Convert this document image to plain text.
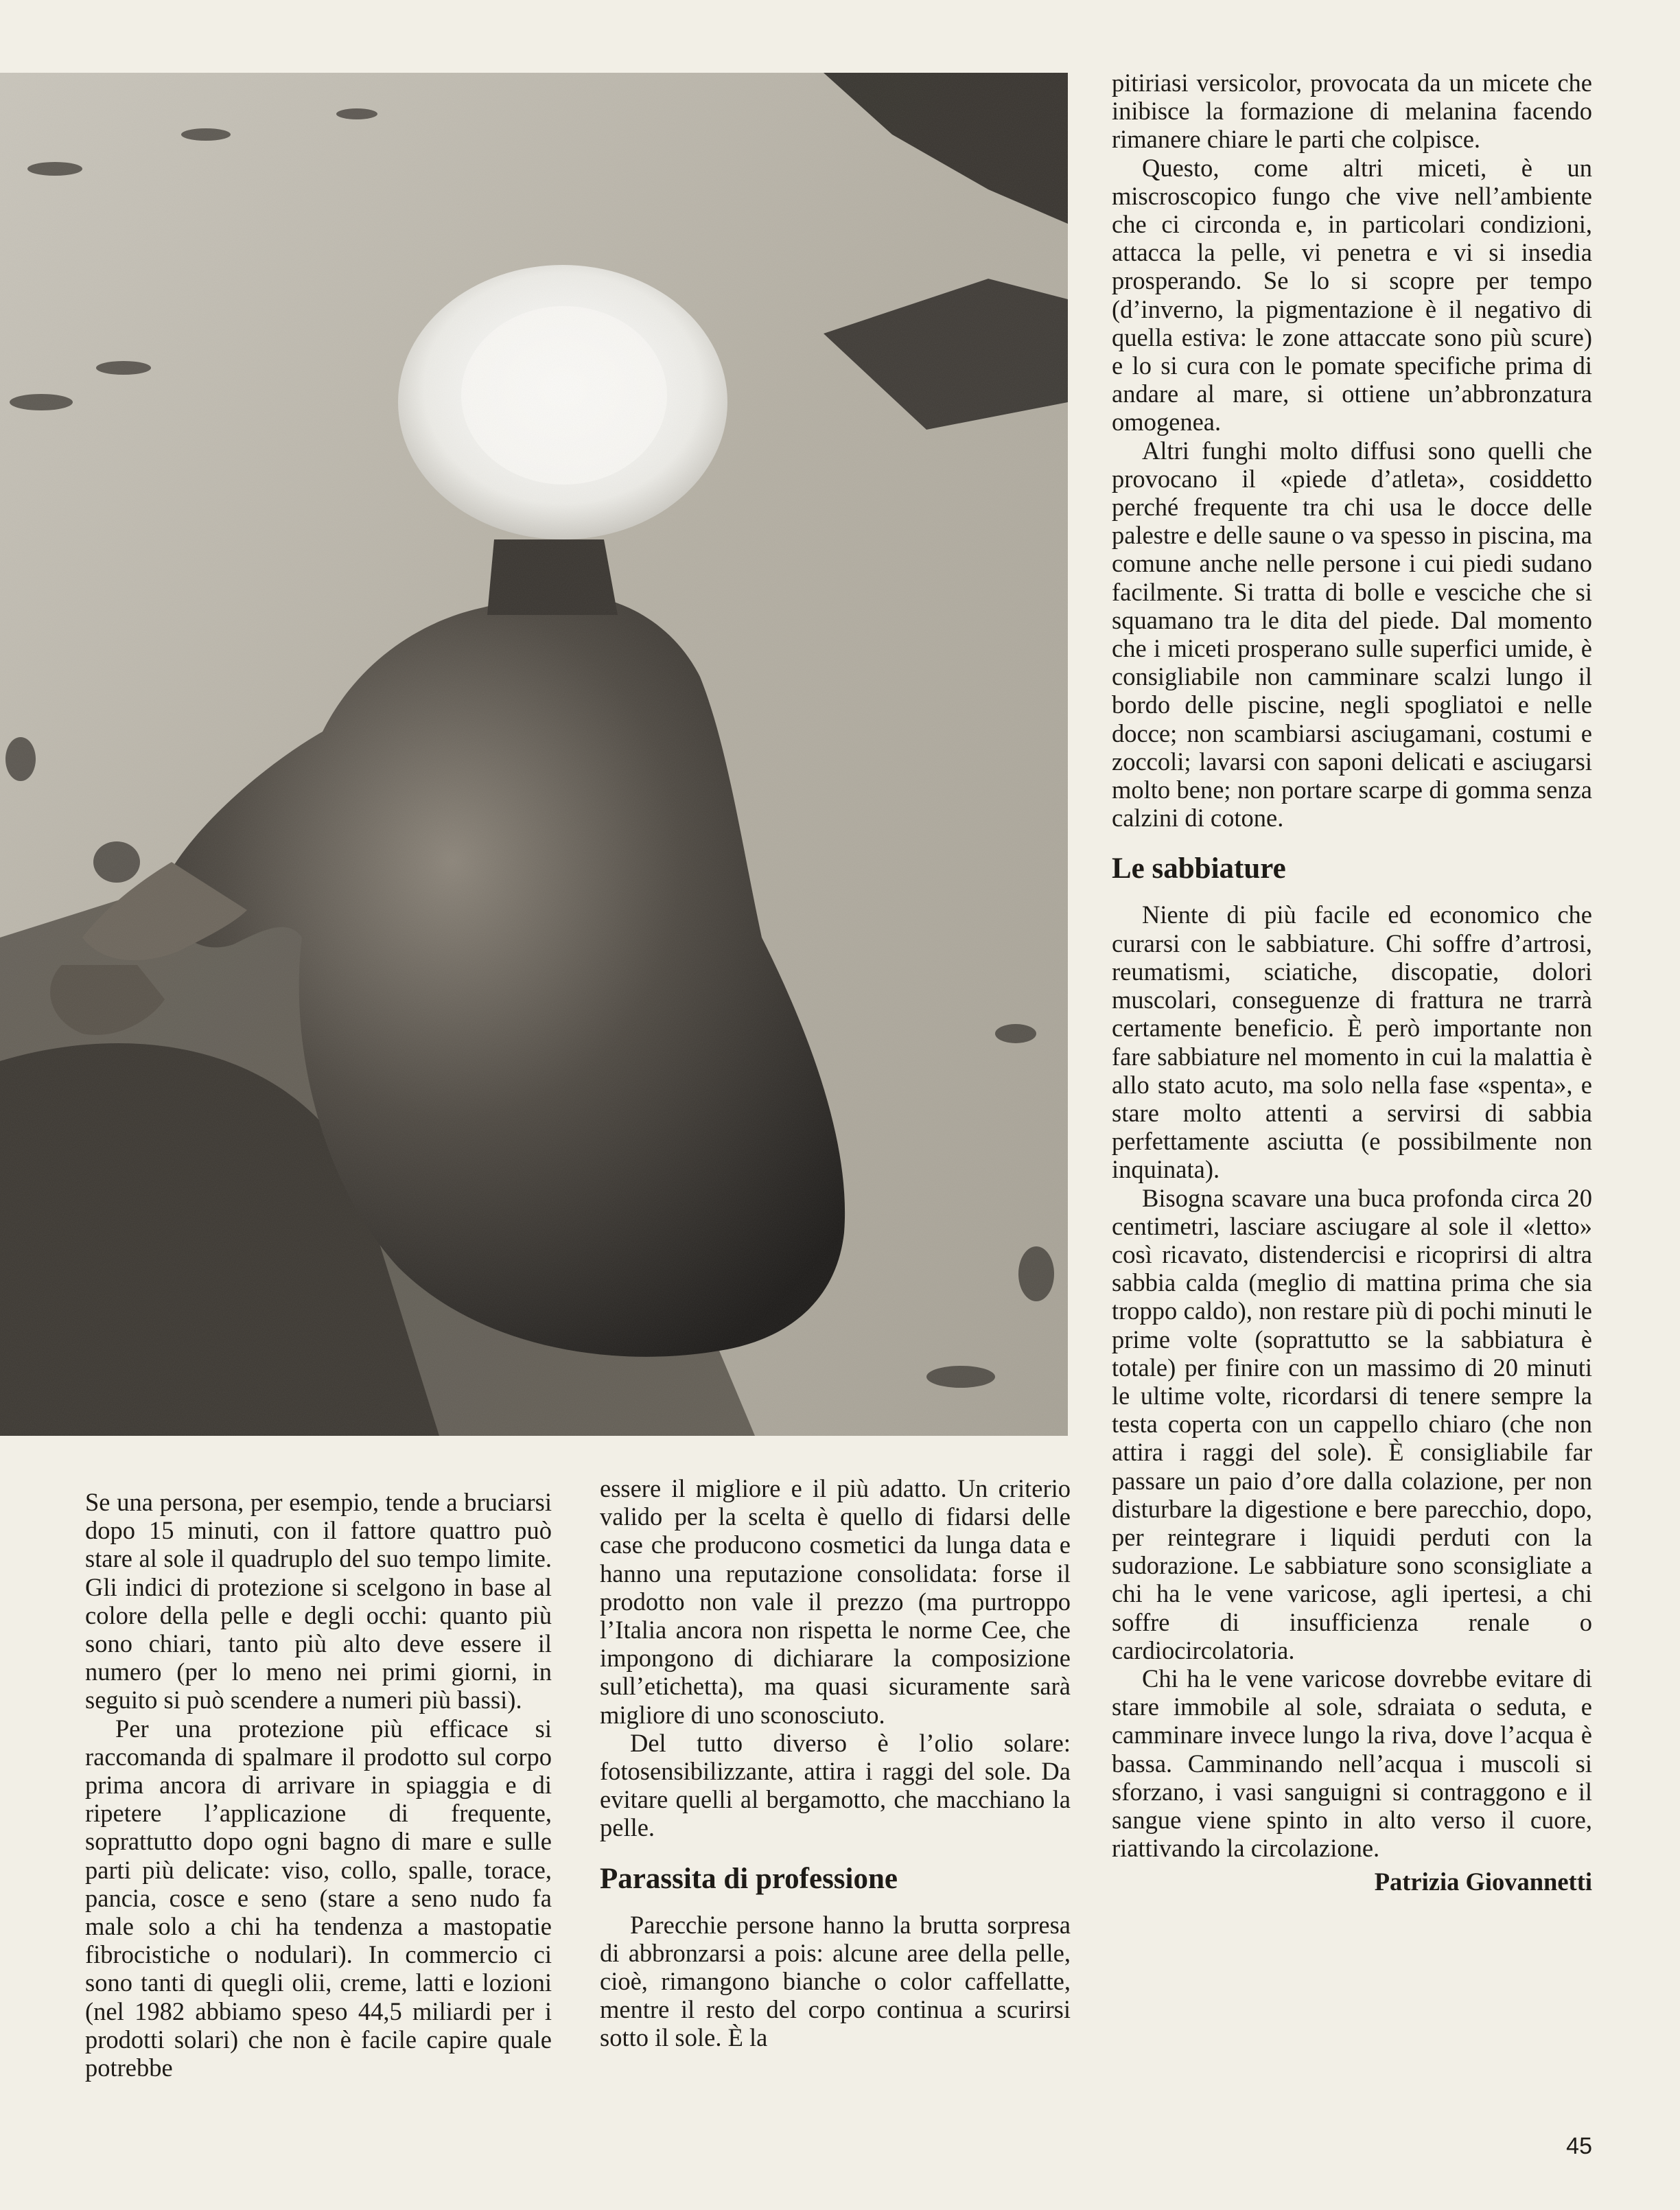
pitiriasi versicolor, provocata da un micete che inibisce la formazione di melanina facendo rimanere chiare le parti che colpisce.

Questo, come altri miceti, è un miscroscopico fungo che vive nell’ambiente che ci circonda e, in particolari condizioni, attacca la pelle, vi penetra e vi si insedia prosperando. Se lo si scopre per tempo (d’inverno, la pigmentazione è il negativo di quella estiva: le zone attaccate sono più scure) e lo si cura con le pomate specifiche prima di andare al mare, si ottiene un’abbronzatura omogenea.

Altri funghi molto diffusi sono quelli che provocano il «piede d’atleta», cosiddetto perché frequente tra chi usa le docce delle palestre e delle saune o va spesso in piscina, ma comune anche nelle persone i cui piedi sudano facilmente. Si tratta di bolle e vesciche che si squamano tra le dita del piede. Dal momento che i miceti prosperano sulle superfici umide, è consigliabile non camminare scalzi lungo il bordo delle piscine, negli spogliatoi e nelle docce; non scambiarsi asciugamani, costumi e zoccoli; lavarsi con saponi delicati e asciugarsi molto bene; non portare scarpe di gomma senza calzini di cotone.

Le sabbiature

Niente di più facile ed economico che curarsi con le sabbiature. Chi soffre d’artrosi, reumatismi, sciatiche, discopatie, dolori muscolari, conseguenze di frattura ne trarrà certamente beneficio. È però importante non fare sabbiature nel momento in cui la malattia è allo stato acuto, ma solo nella fase «spenta», e stare molto attenti a servirsi di sabbia perfettamente asciutta (e possibilmente non inquinata).

Bisogna scavare una buca profonda circa 20 centimetri, lasciare asciugare al sole il «letto» così ricavato, distendercisi e ricoprirsi di altra sabbia calda (meglio di mattina prima che sia troppo caldo), non restare più di pochi minuti le prime volte (soprattutto se la sabbiatura è totale) per finire con un massimo di 20 minuti le ultime volte, ricordarsi di tenere sempre la testa coperta con un cappello chiaro (che non attira i raggi del sole). È consigliabile far passare un paio d’ore dalla colazione, per non disturbare la digestione e bere parecchio, dopo, per reintegrare i liquidi perduti con la sudorazione. Le sabbiature sono sconsigliate a chi ha le vene varicose, agli ipertesi, a chi soffre di insufficienza renale o cardiocircolatoria.

Chi ha le vene varicose dovrebbe evitare di stare immobile al sole, sdraiata o seduta, e camminare invece lungo la riva, dove l’acqua è bassa. Camminando nell’acqua i muscoli si sforzano, i vasi sanguigni si contraggono e il sangue viene spinto in alto verso il cuore, riattivando la circolazione.

Patrizia Giovannetti

Se una persona, per esempio, tende a bruciarsi dopo 15 minuti, con il fattore quattro può stare al sole il quadruplo del suo tempo limite. Gli indici di protezione si scelgono in base al colore della pelle e degli occhi: quanto più sono chiari, tanto più alto deve essere il numero (per lo meno nei primi giorni, in seguito si può scendere a numeri più bassi).

Per una protezione più efficace si raccomanda di spalmare il prodotto sul corpo prima ancora di arrivare in spiaggia e di ripetere l’applicazione di frequente, soprattutto dopo ogni bagno di mare e sulle parti più delicate: viso, collo, spalle, torace, pancia, cosce e seno (stare a seno nudo fa male solo a chi ha tendenza a mastopatie fibrocistiche o nodulari). In commercio ci sono tanti di quegli olii, creme, latti e lozioni (nel 1982 abbiamo speso 44,5 miliardi per i prodotti solari) che non è facile capire quale potrebbe

essere il migliore e il più adatto. Un criterio valido per la scelta è quello di fidarsi delle case che producono cosmetici da lunga data e hanno una reputazione consolidata: forse il prodotto non vale il prezzo (ma purtroppo l’Italia ancora non rispetta le norme Cee, che impongono di dichiarare la composizione sull’etichetta), ma quasi sicuramente sarà migliore di uno sconosciuto.

Del tutto diverso è l’olio solare: fotosensibilizzante, attira i raggi del sole. Da evitare quelli al bergamotto, che macchiano la pelle.

Parassita di professione

Parecchie persone hanno la brutta sorpresa di abbronzarsi a pois: alcune aree della pelle, cioè, rimangono bianche o color caffellatte, mentre il resto del corpo continua a scurirsi sotto il sole. È la

45
